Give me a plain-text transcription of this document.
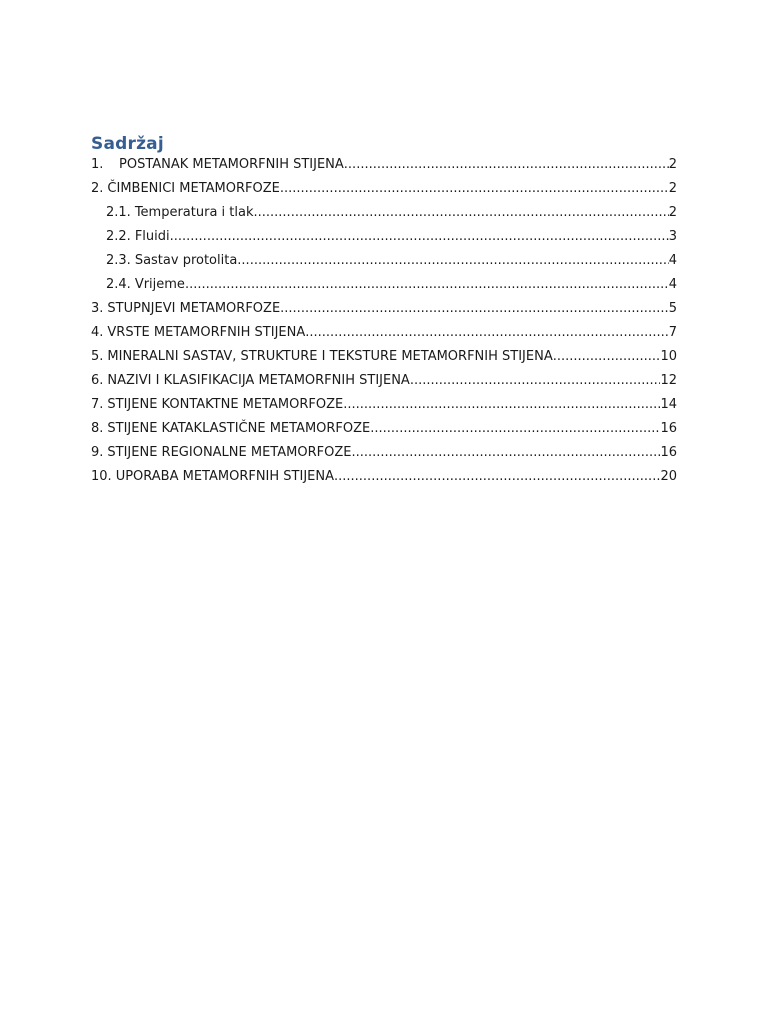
Sadržaj
1.	POSTANAK METAMORFNIH STIJENA .....	2
2. ČIMBENICI METAMORFOZE .....	2
2.1. Temperatura i tlak .....	2
2.2. Fluidi .....	3
2.3. Sastav protolita .....	4
2.4. Vrijeme .....	4
3. STUPNJEVI METAMORFOZE .....	5
4. VRSTE METAMORFNIH STIJENA .....	7
5. MINERALNI SASTAV, STRUKTURE I TEKSTURE METAMORFNIH STIJENA .....	10
6. NAZIVI I KLASIFIKACIJA METAMORFNIH STIJENA .....	12
7. STIJENE KONTAKTNE METAMORFOZE .....	14
8. STIJENE KATAKLASTIČNE METAMORFOZE .....	16
9. STIJENE REGIONALNE METAMORFOZE .....	16
10. UPORABA METAMORFNIH STIJENA .....	20
